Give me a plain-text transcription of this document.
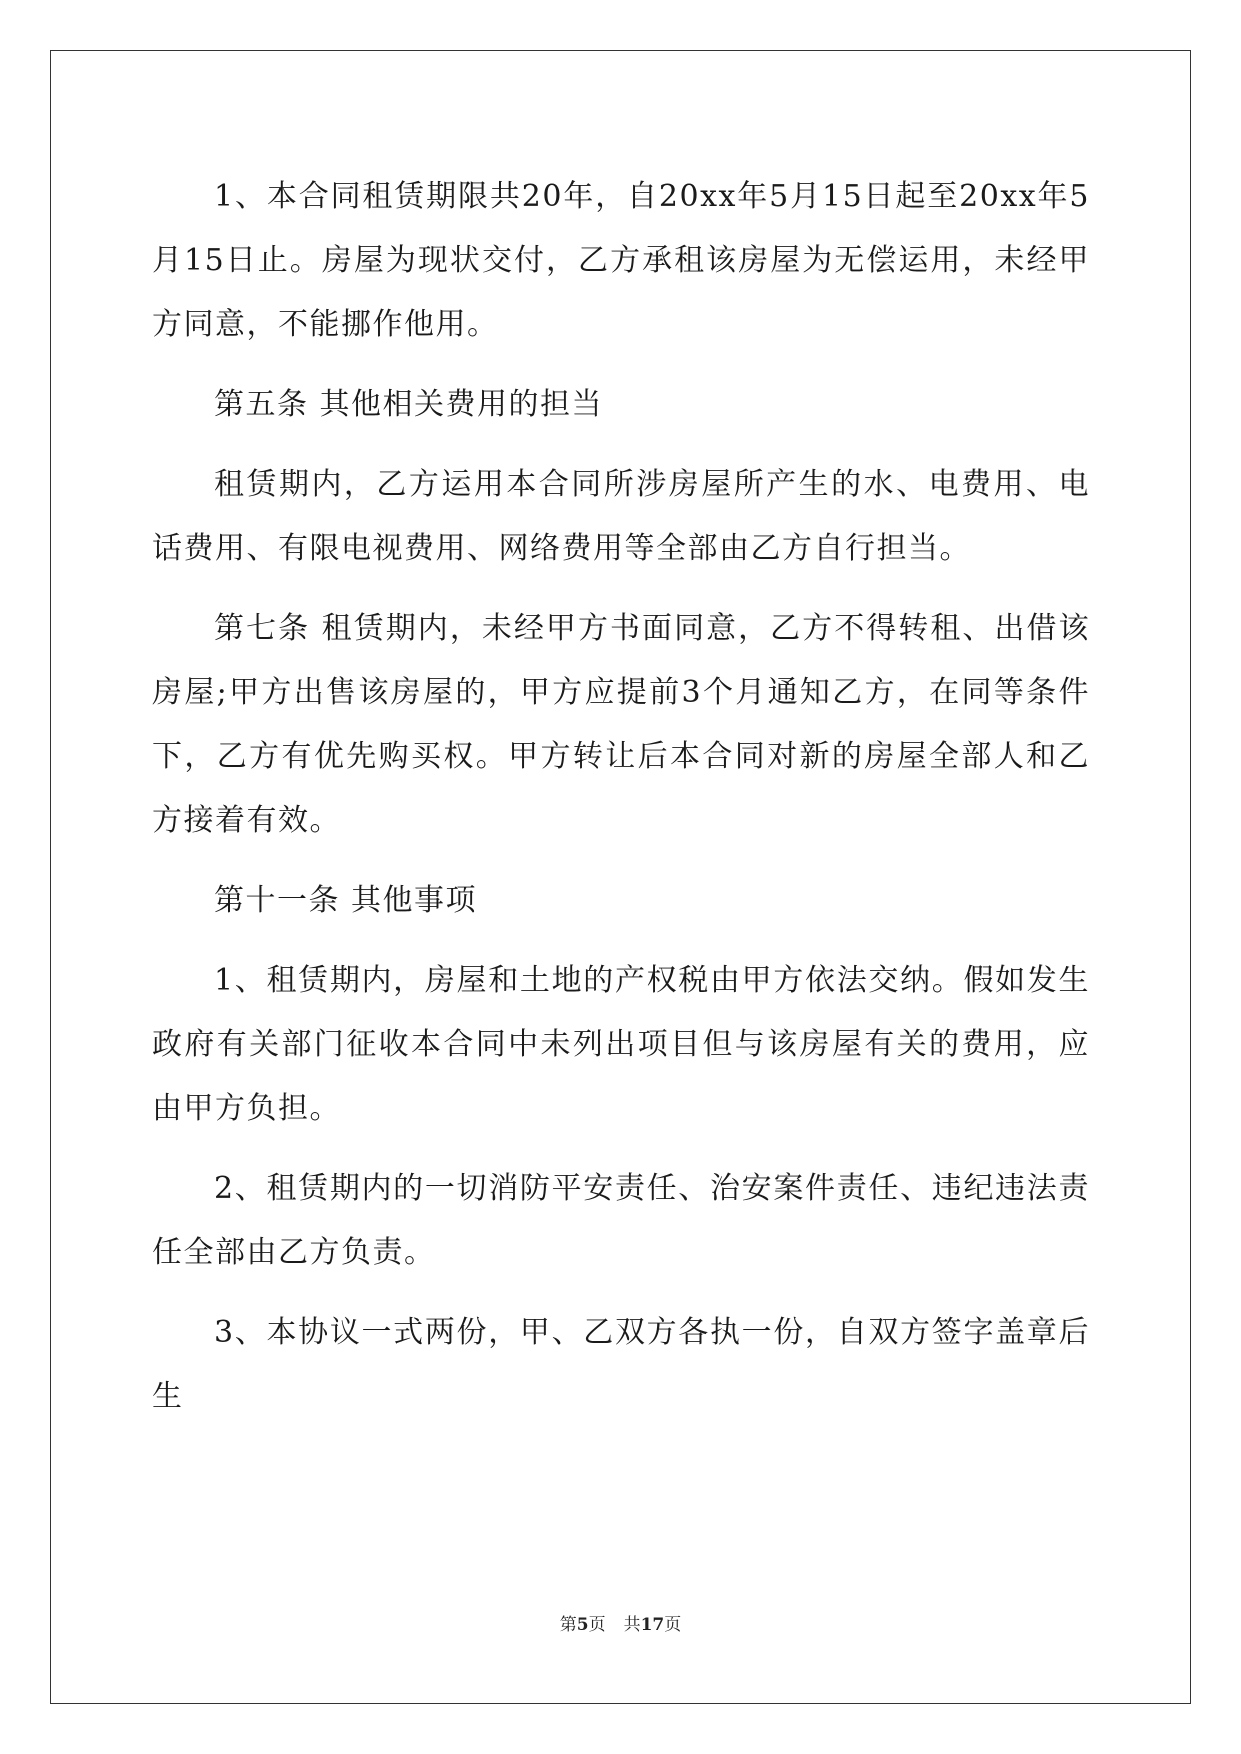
1、本合同租赁期限共20年，自20xx年5月15日起至20xx年5月15日止。房屋为现状交付，乙方承租该房屋为无偿运用，未经甲方同意，不能挪作他用。

第五条 其他相关费用的担当

租赁期内，乙方运用本合同所涉房屋所产生的水、电费用、电话费用、有限电视费用、网络费用等全部由乙方自行担当。

第七条 租赁期内，未经甲方书面同意，乙方不得转租、出借该房屋;甲方出售该房屋的，甲方应提前3个月通知乙方，在同等条件下，乙方有优先购买权。甲方转让后本合同对新的房屋全部人和乙方接着有效。

第十一条 其他事项

1、租赁期内，房屋和土地的产权税由甲方依法交纳。假如发生政府有关部门征收本合同中未列出项目但与该房屋有关的费用，应由甲方负担。

2、租赁期内的一切消防平安责任、治安案件责任、违纪违法责任全部由乙方负责。

3、本协议一式两份，甲、乙双方各执一份，自双方签字盖章后生

第5页 共17页
